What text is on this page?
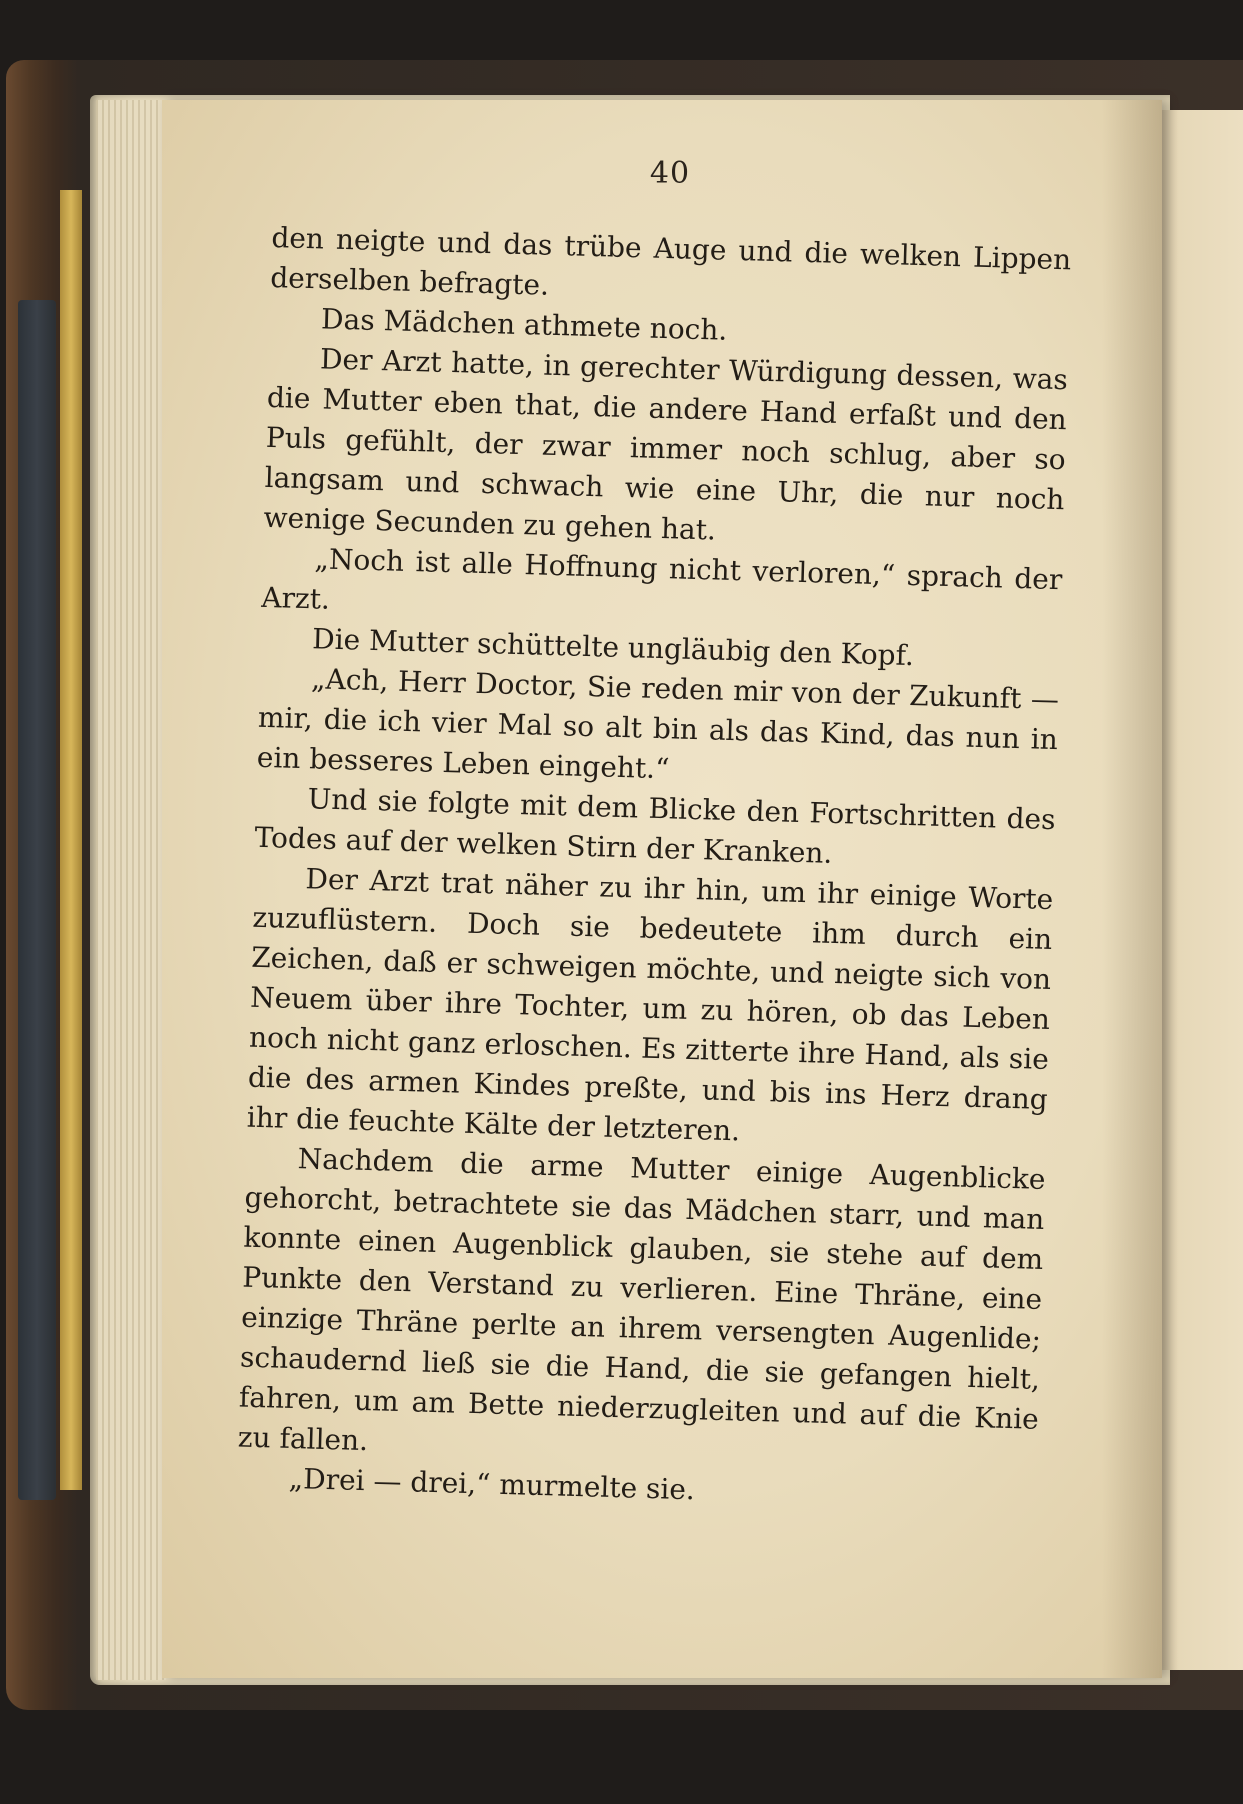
40

den neigte und das trübe Auge und die welken Lippen derselben befragte.

Das Mädchen athmete noch.

Der Arzt hatte, in gerechter Würdigung dessen, was die Mutter eben that, die andere Hand erfaßt und den Puls gefühlt, der zwar immer noch schlug, aber so langsam und schwach wie eine Uhr, die nur noch wenige Secunden zu gehen hat.

„Noch ist alle Hoffnung nicht verloren,“ sprach der Arzt.

Die Mutter schüttelte ungläubig den Kopf.

„Ach, Herr Doctor, Sie reden mir von der Zukunft — mir, die ich vier Mal so alt bin als das Kind, das nun in ein besseres Leben eingeht.“

Und sie folgte mit dem Blicke den Fortschritten des Todes auf der welken Stirn der Kranken.

Der Arzt trat näher zu ihr hin, um ihr einige Worte zuzuflüstern. Doch sie bedeutete ihm durch ein Zeichen, daß er schweigen möchte, und neigte sich von Neuem über ihre Tochter, um zu hören, ob das Leben noch nicht ganz erloschen. Es zitterte ihre Hand, als sie die des armen Kindes preßte, und bis ins Herz drang ihr die feuchte Kälte der letzteren.

Nachdem die arme Mutter einige Augenblicke gehorcht, betrachtete sie das Mädchen starr, und man konnte einen Augenblick glauben, sie stehe auf dem Punkte den Verstand zu verlieren. Eine Thräne, eine einzige Thräne perlte an ihrem versengten Augenlide; schaudernd ließ sie die Hand, die sie gefangen hielt, fahren, um am Bette niederzugleiten und auf die Knie zu fallen.

„Drei — drei,“ murmelte sie.
